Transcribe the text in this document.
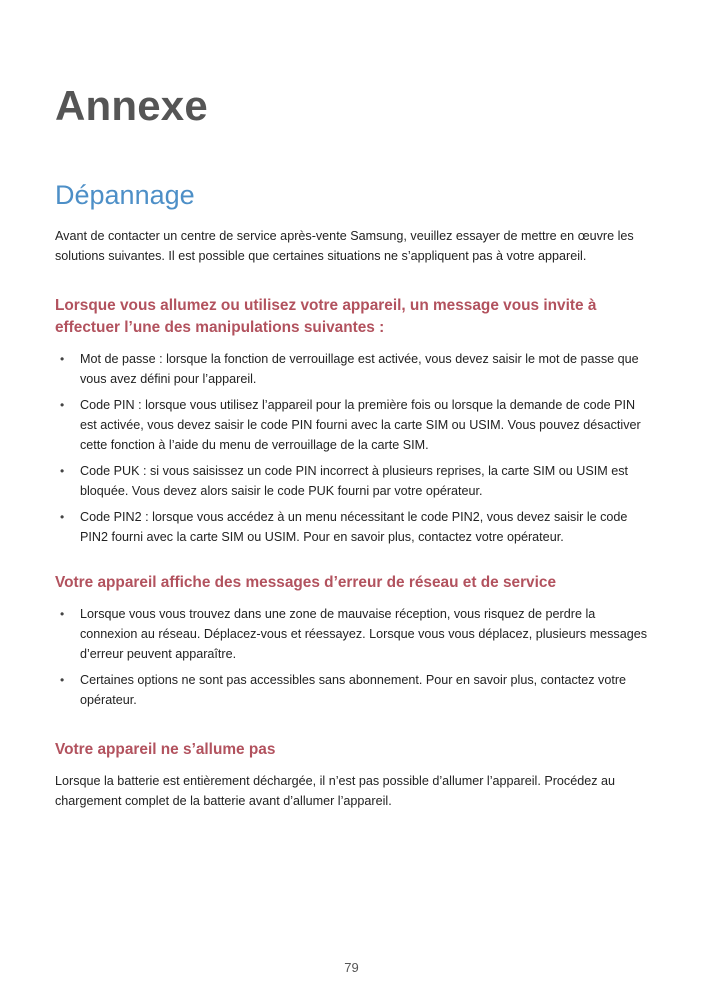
Annexe
Dépannage

Avant de contacter un centre de service après-vente Samsung, veuillez essayer de mettre en œuvre les solutions suivantes. Il est possible que certaines situations ne s’appliquent pas à votre appareil.

Lorsque vous allumez ou utilisez votre appareil, un message vous invite à effectuer l’une des manipulations suivantes :
• Mot de passe : lorsque la fonction de verrouillage est activée, vous devez saisir le mot de passe que vous avez défini pour l’appareil.
• Code PIN : lorsque vous utilisez l’appareil pour la première fois ou lorsque la demande de code PIN est activée, vous devez saisir le code PIN fourni avec la carte SIM ou USIM. Vous pouvez désactiver cette fonction à l’aide du menu de verrouillage de la carte SIM.
• Code PUK : si vous saisissez un code PIN incorrect à plusieurs reprises, la carte SIM ou USIM est bloquée. Vous devez alors saisir le code PUK fourni par votre opérateur.
• Code PIN2 : lorsque vous accédez à un menu nécessitant le code PIN2, vous devez saisir le code PIN2 fourni avec la carte SIM ou USIM. Pour en savoir plus, contactez votre opérateur.
Votre appareil affiche des messages d’erreur de réseau et de service
• Lorsque vous vous trouvez dans une zone de mauvaise réception, vous risquez de perdre la connexion au réseau. Déplacez-vous et réessayez. Lorsque vous vous déplacez, plusieurs messages d’erreur peuvent apparaître.
• Certaines options ne sont pas accessibles sans abonnement. Pour en savoir plus, contactez votre opérateur.
Votre appareil ne s’allume pas

Lorsque la batterie est entièrement déchargée, il n’est pas possible d’allumer l’appareil. Procédez au chargement complet de la batterie avant d’allumer l’appareil.

79
